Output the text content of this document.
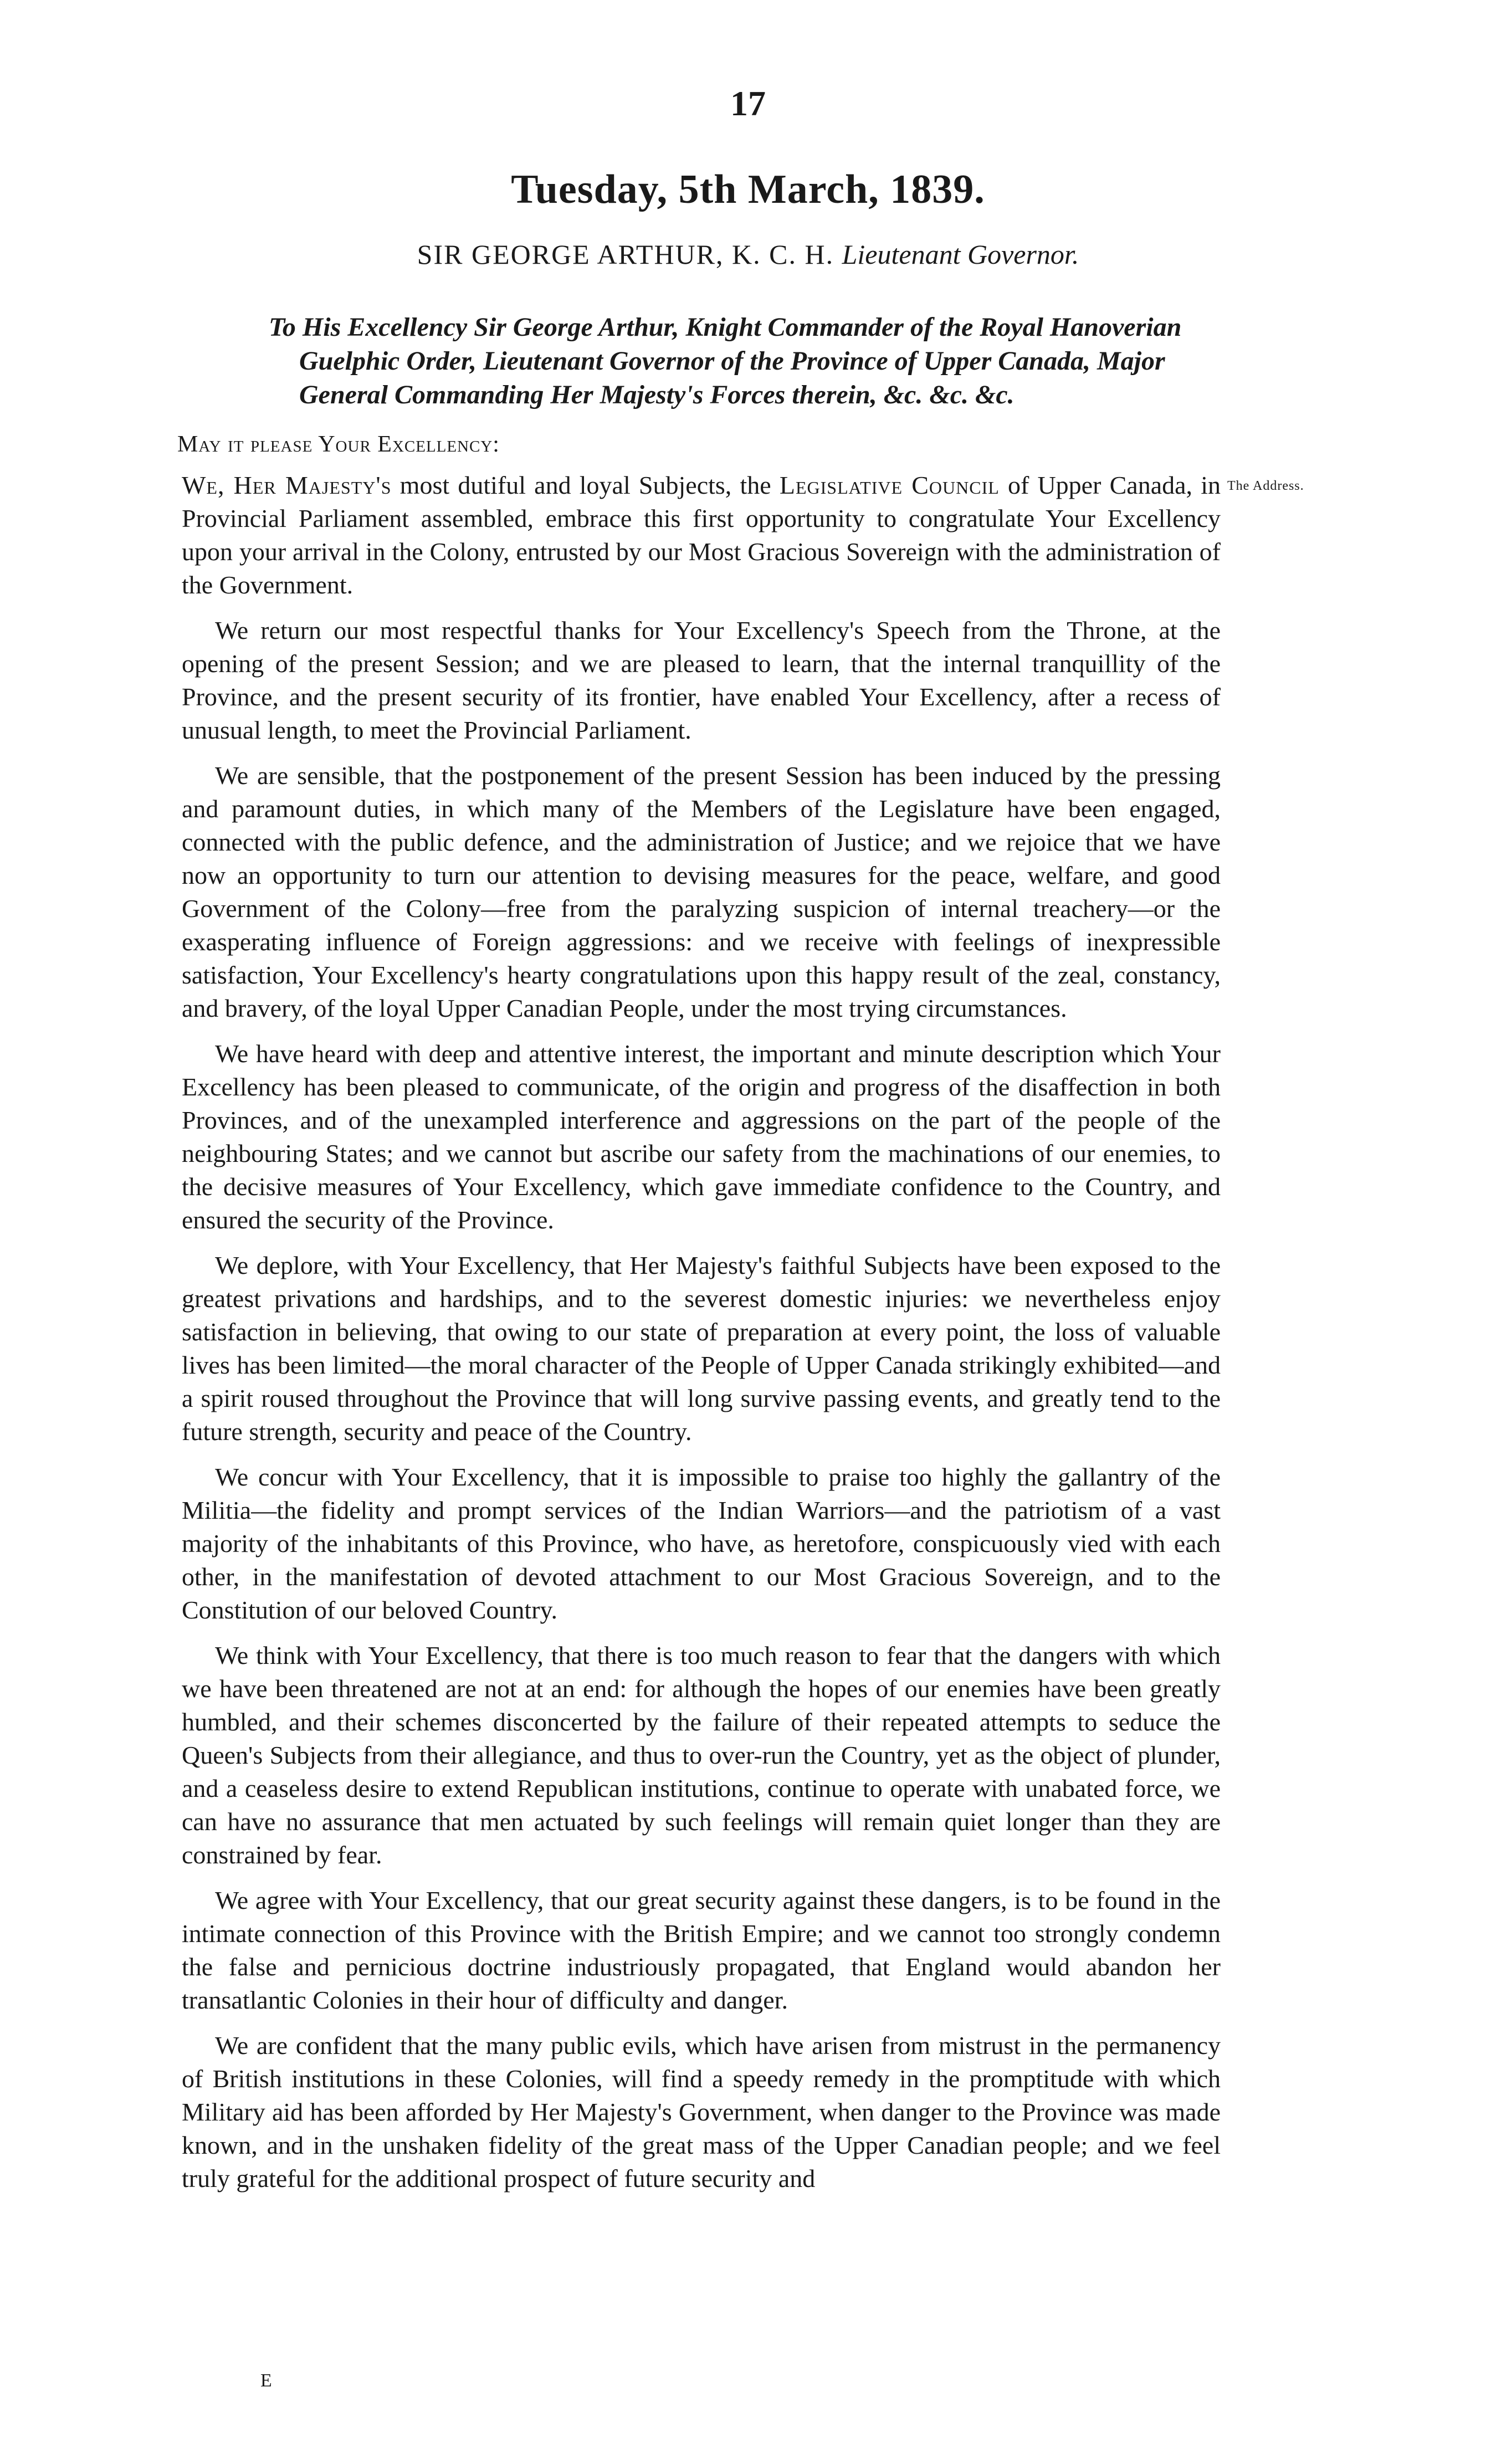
17
Tuesday, 5th March, 1839.
SIR GEORGE ARTHUR, K. C. H. Lieutenant Governor.
To His Excellency Sir George Arthur, Knight Commander of the Royal Hanoverian Guelphic Order, Lieutenant Governor of the Province of Upper Canada, Major General Commanding Her Majesty's Forces therein, &c. &c. &c.
May it please Your Excellency:
The Address.

We, Her Majesty's most dutiful and loyal Subjects, the Legislative Council of Upper Canada, in Provincial Parliament assembled, embrace this first opportunity to congratulate Your Excellency upon your arrival in the Colony, entrusted by our Most Gracious Sovereign with the administration of the Government.

We return our most respectful thanks for Your Excellency's Speech from the Throne, at the opening of the present Session; and we are pleased to learn, that the internal tranquillity of the Province, and the present security of its frontier, have enabled Your Excellency, after a recess of unusual length, to meet the Provincial Parliament.

We are sensible, that the postponement of the present Session has been induced by the pressing and paramount duties, in which many of the Members of the Legislature have been engaged, connected with the public defence, and the administration of Justice; and we rejoice that we have now an opportunity to turn our attention to devising measures for the peace, welfare, and good Government of the Colony—free from the paralyzing suspicion of internal treachery—or the exasperating influence of Foreign aggressions: and we receive with feelings of inexpressible satisfaction, Your Excellency's hearty congratulations upon this happy result of the zeal, constancy, and bravery, of the loyal Upper Canadian People, under the most trying circumstances.

We have heard with deep and attentive interest, the important and minute description which Your Excellency has been pleased to communicate, of the origin and progress of the disaffection in both Provinces, and of the unexampled interference and aggressions on the part of the people of the neighbouring States; and we cannot but ascribe our safety from the machinations of our enemies, to the decisive measures of Your Excellency, which gave immediate confidence to the Country, and ensured the security of the Province.

We deplore, with Your Excellency, that Her Majesty's faithful Subjects have been exposed to the greatest privations and hardships, and to the severest domestic injuries: we nevertheless enjoy satisfaction in believing, that owing to our state of preparation at every point, the loss of valuable lives has been limited—the moral character of the People of Upper Canada strikingly exhibited—and a spirit roused throughout the Province that will long survive passing events, and greatly tend to the future strength, security and peace of the Country.

We concur with Your Excellency, that it is impossible to praise too highly the gallantry of the Militia—the fidelity and prompt services of the Indian Warriors—and the patriotism of a vast majority of the inhabitants of this Province, who have, as heretofore, conspicuously vied with each other, in the manifestation of devoted attachment to our Most Gracious Sovereign, and to the Constitution of our beloved Country.

We think with Your Excellency, that there is too much reason to fear that the dangers with which we have been threatened are not at an end: for although the hopes of our enemies have been greatly humbled, and their schemes disconcerted by the failure of their repeated attempts to seduce the Queen's Subjects from their allegiance, and thus to over-run the Country, yet as the object of plunder, and a ceaseless desire to extend Republican institutions, continue to operate with unabated force, we can have no assurance that men actuated by such feelings will remain quiet longer than they are constrained by fear.

We agree with Your Excellency, that our great security against these dangers, is to be found in the intimate connection of this Province with the British Empire; and we cannot too strongly condemn the false and pernicious doctrine industriously propagated, that England would abandon her transatlantic Colonies in their hour of difficulty and danger.

We are confident that the many public evils, which have arisen from mistrust in the permanency of British institutions in these Colonies, will find a speedy remedy in the promptitude with which Military aid has been afforded by Her Majesty's Government, when danger to the Province was made known, and in the unshaken fidelity of the great mass of the Upper Canadian people; and we feel truly grateful for the additional prospect of future security and

E
